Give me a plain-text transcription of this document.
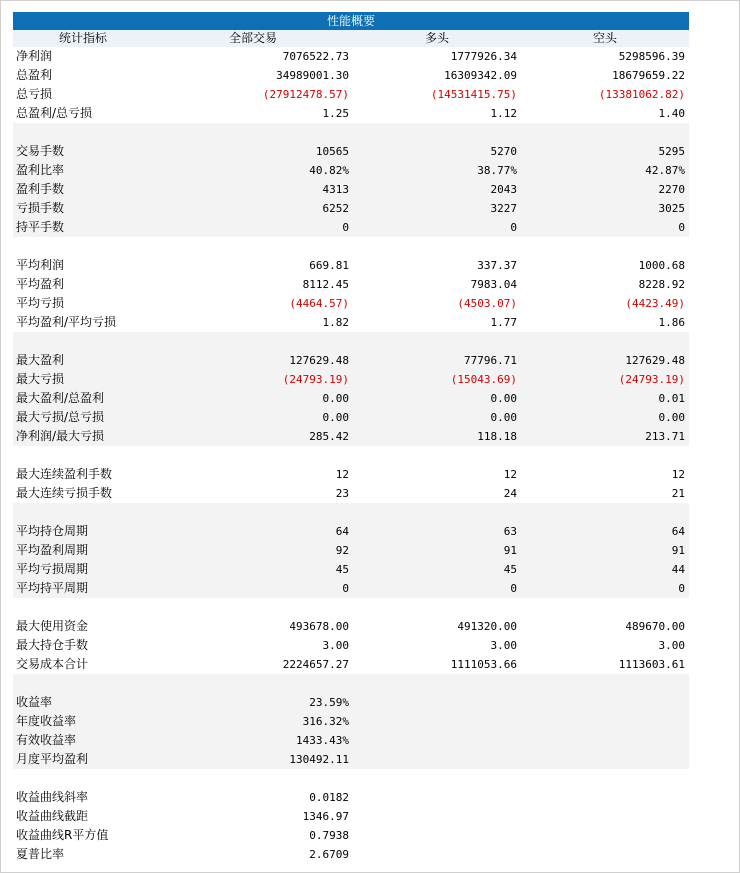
性能概要
统计指标	全部交易	多头	空头
净利润	7076522.73	1777926.34	5298596.39
总盈利	34989001.30	16309342.09	18679659.22
总亏损	(27912478.57)	(14531415.75)	(13381062.82)
总盈利/总亏损	1.25	1.12	1.40
交易手数	10565	5270	5295
盈利比率	40.82%	38.77%	42.87%
盈利手数	4313	2043	2270
亏损手数	6252	3227	3025
持平手数	0	0	0
平均利润	669.81	337.37	1000.68
平均盈利	8112.45	7983.04	8228.92
平均亏损	(4464.57)	(4503.07)	(4423.49)
平均盈利/平均亏损	1.82	1.77	1.86
最大盈利	127629.48	77796.71	127629.48
最大亏损	(24793.19)	(15043.69)	(24793.19)
最大盈利/总盈利	0.00	0.00	0.01
最大亏损/总亏损	0.00	0.00	0.00
净利润/最大亏损	285.42	118.18	213.71
最大连续盈利手数	12	12	12
最大连续亏损手数	23	24	21
平均持仓周期	64	63	64
平均盈利周期	92	91	91
平均亏损周期	45	45	44
平均持平周期	0	0	0
最大使用资金	493678.00	491320.00	489670.00
最大持仓手数	3.00	3.00	3.00
交易成本合计	2224657.27	1111053.66	1113603.61
收益率	23.59%
年度收益率	316.32%
有效收益率	1433.43%
月度平均盈利	130492.11
收益曲线斜率	0.0182
收益曲线截距	1346.97
收益曲线R平方值	0.7938
夏普比率	2.6709
